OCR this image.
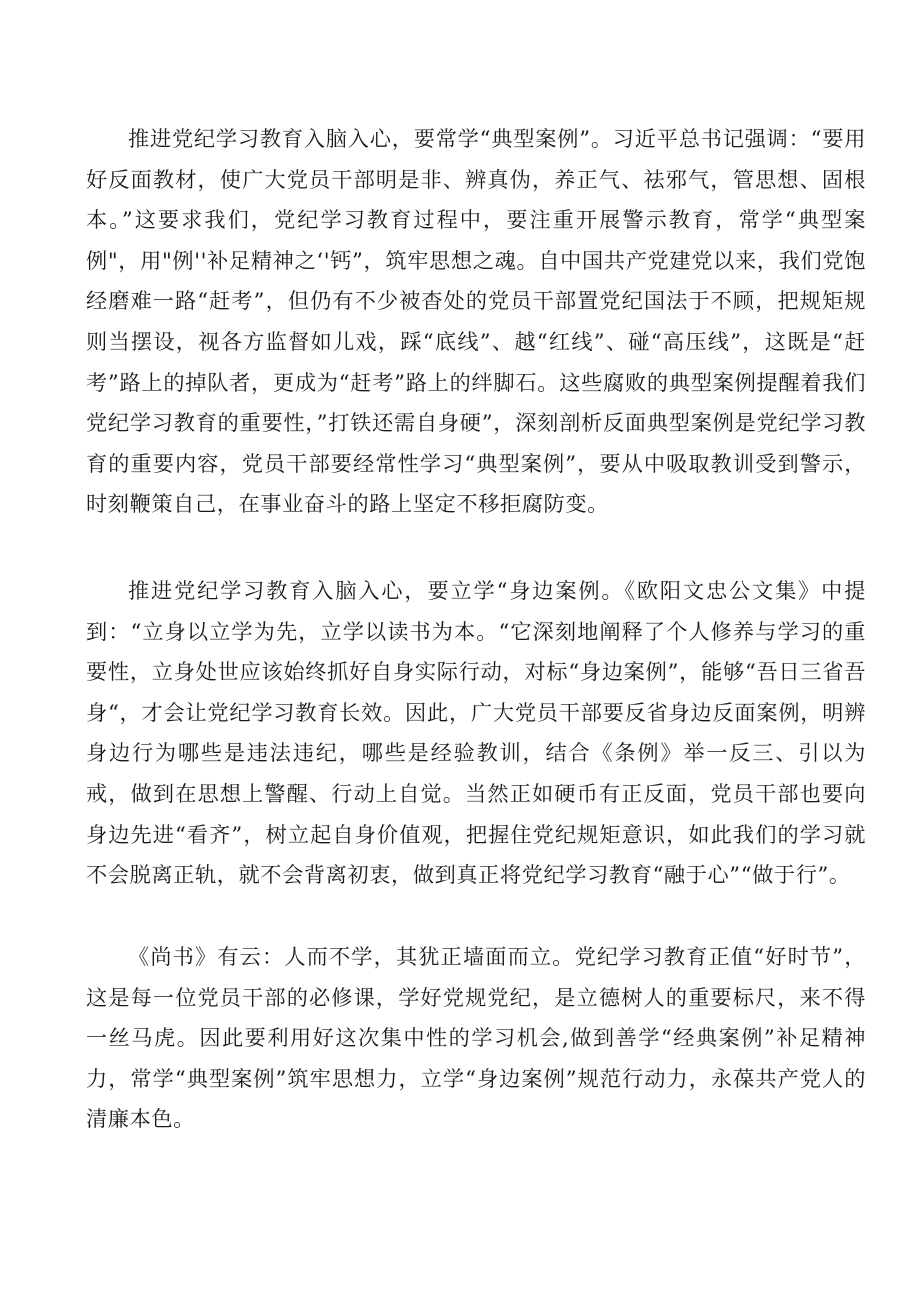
推进党纪学习教育入脑入心，要常学“典型案例”。习近平总书记强调：“要用好反面教材，使广大党员干部明是非、辨真伪，养正气、祛邪气，管思想、固根本。”这要求我们，党纪学习教育过程中，要注重开展警示教育，常学“典型案例"，用"例''补足精神之‘'钙”，筑牢思想之魂。自中国共产党建党以来，我们党饱经磨难一路“赶考”，但仍有不少被杳处的党员干部置党纪国法于不顾，把规矩规则当摆设，视各方监督如儿戏，踩“底线”、越“红线”、碰“高压线”，这既是“赶考”路上的掉队者，更成为“赶考”路上的绊脚石。这些腐败的典型案例提醒着我们党纪学习教育的重要性，”打铁还需自身硬”，深刻剖析反面典型案例是党纪学习教育的重要内容，党员干部要经常性学习“典型案例”，要从中吸取教训受到警示，时刻鞭策自己，在事业奋斗的路上坚定不移拒腐防变。

推进党纪学习教育入脑入心，要立学“身边案例。《欧阳文忠公文集》中提到：“立身以立学为先，立学以读书为本。“它深刻地阐释了个人修养与学习的重要性，立身处世应该始终抓好自身实际行动，对标“身边案例”，能够“吾日三省吾身“，才会让党纪学习教育长效。因此，广大党员干部要反省身边反面案例，明辨身边行为哪些是违法违纪，哪些是经验教训，结合《条例》举一反三、引以为戒，做到在思想上警醒、行动上自觉。当然正如硬币有正反面，党员干部也要向身边先进“看齐”，树立起自身价值观，把握住党纪规矩意识，如此我们的学习就不会脱离正轨，就不会背离初衷，做到真正将党纪学习教育“融于心”“做于行”。

《尚书》有云：人而不学，其犹正墙面而立。党纪学习教育正值“好时节”，这是每一位党员干部的必修课，学好党规党纪，是立德树人的重要标尺，来不得一丝马虎。因此要利用好这次集中性的学习机会,做到善学“经典案例”补足精神力，常学“典型案例”筑牢思想力，立学“身边案例”规范行动力，永葆共产党人的清廉本色。
